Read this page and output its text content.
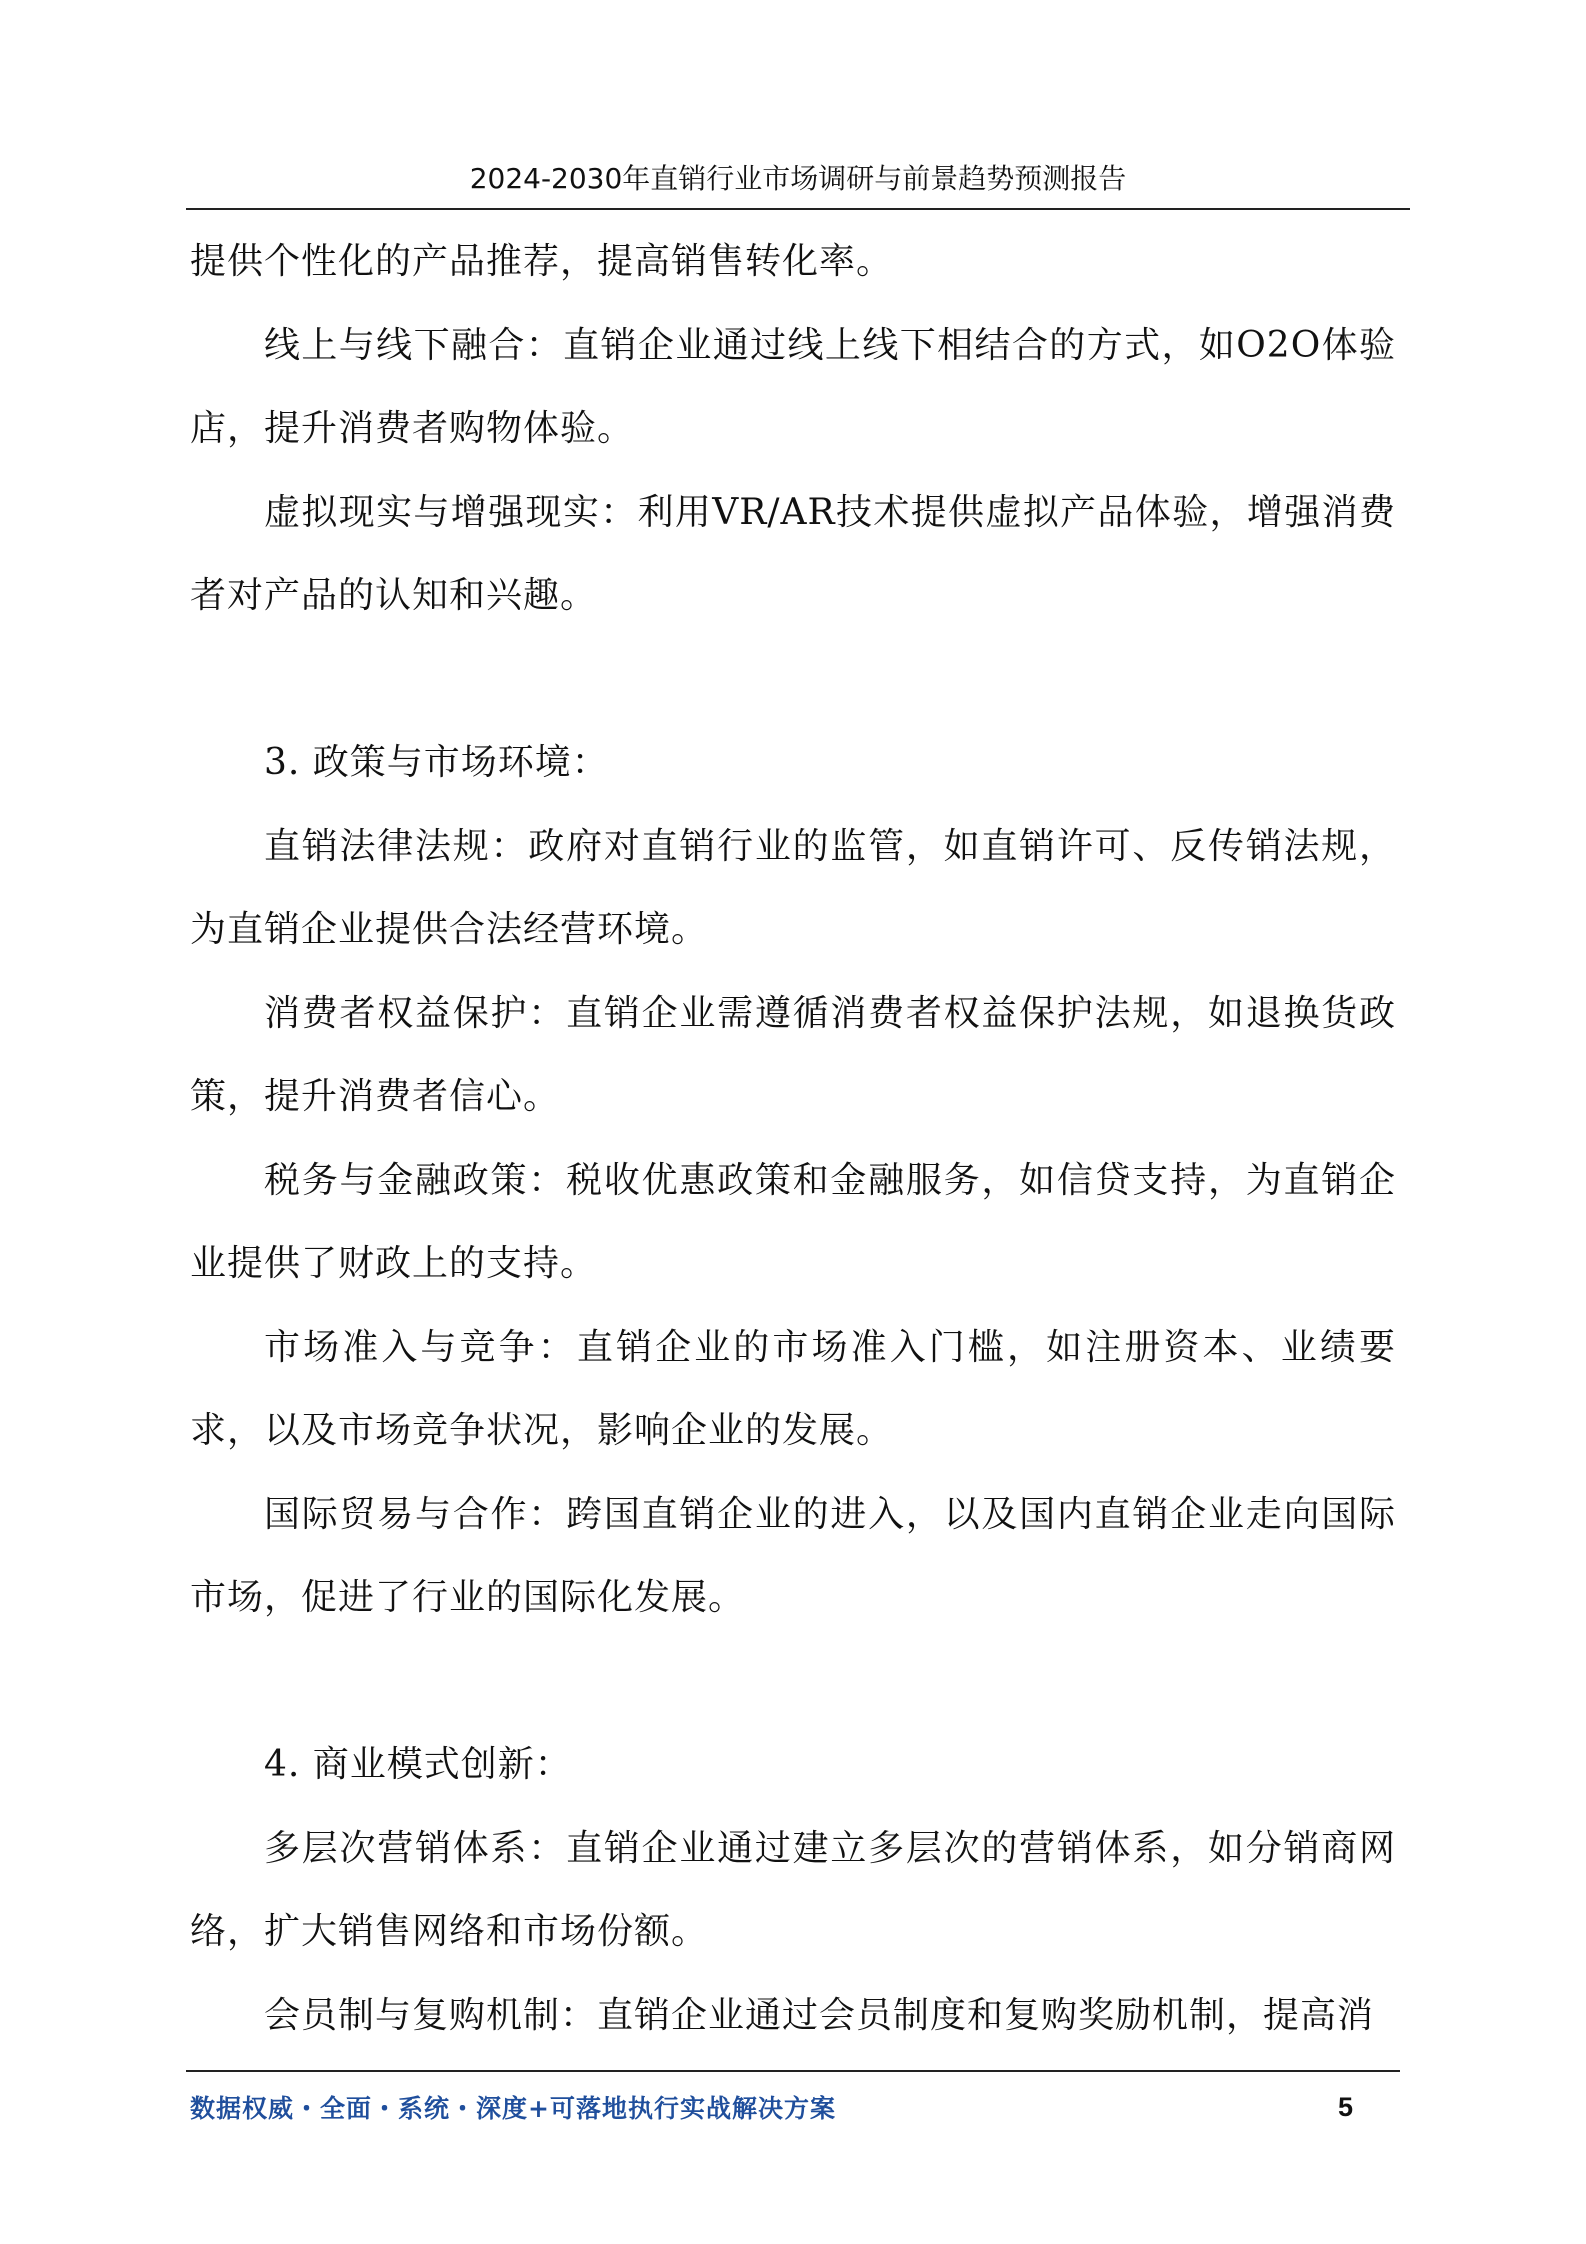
2024-2030年直销行业市场调研与前景趋势预测报告

提供个性化的产品推荐，提高销售转化率。

线上与线下融合：直销企业通过线上线下相结合的方式，如O2O体验店，提升消费者购物体验。

虚拟现实与增强现实：利用VR/AR技术提供虚拟产品体验，增强消费者对产品的认知和兴趣。

3. 政策与市场环境：

直销法律法规：政府对直销行业的监管，如直销许可、反传销法规，为直销企业提供合法经营环境。

消费者权益保护：直销企业需遵循消费者权益保护法规，如退换货政策，提升消费者信心。

税务与金融政策：税收优惠政策和金融服务，如信贷支持，为直销企业提供了财政上的支持。

市场准入与竞争：直销企业的市场准入门槛，如注册资本、业绩要求，以及市场竞争状况，影响企业的发展。

国际贸易与合作：跨国直销企业的进入，以及国内直销企业走向国际市场，促进了行业的国际化发展。

4. 商业模式创新：

多层次营销体系：直销企业通过建立多层次的营销体系，如分销商网络，扩大销售网络和市场份额。

会员制与复购机制：直销企业通过会员制度和复购奖励机制，提高消

数据权威・全面・系统・深度+可落地执行实战解决方案	5
